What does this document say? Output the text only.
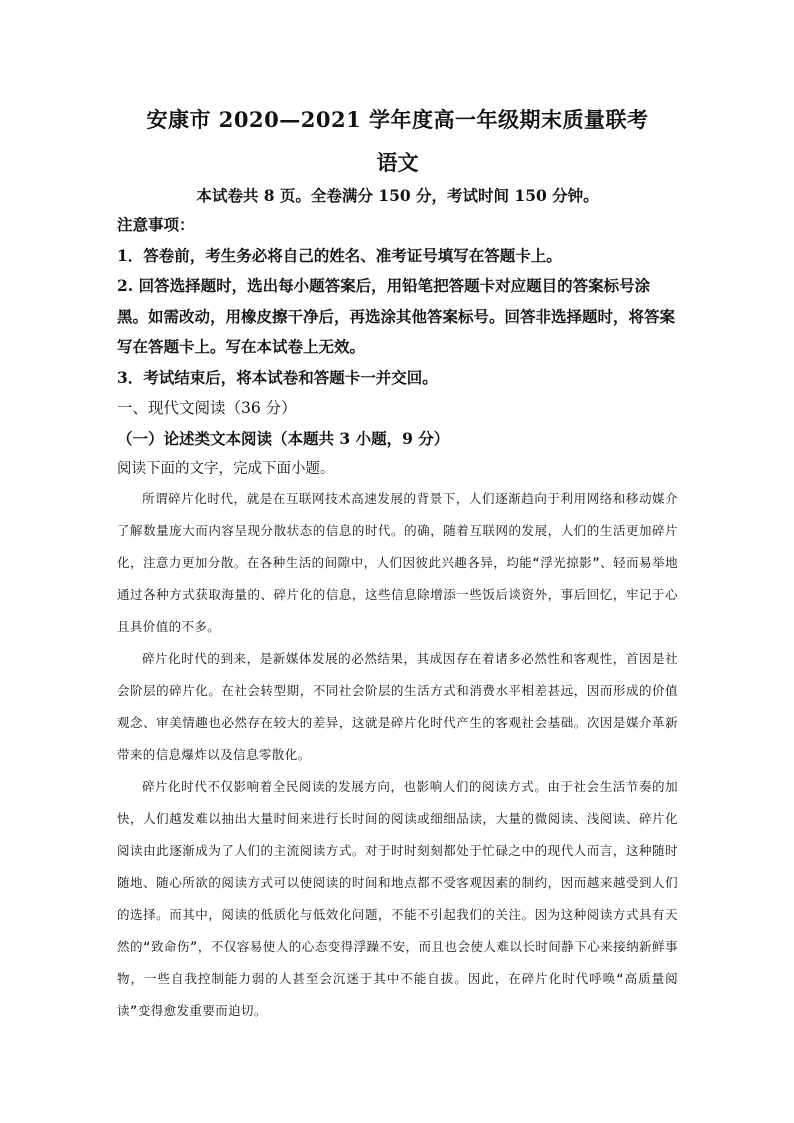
安康市 2020—2021 学年度高一年级期末质量联考
语文

本试卷共 8 页。全卷满分 150 分，考试时间 150 分钟。

注意事项：

1．答卷前，考生务必将自己的姓名、准考证号填写在答题卡上。

2. 回答选择题时，选出每小题答案后，用铅笔把答题卡对应题目的答案标号涂黑。如需改动，用橡皮擦干净后，再选涂其他答案标号。回答非选择题时，将答案写在答题卡上。写在本试卷上无效。

3．考试结束后，将本试卷和答题卡一并交回。

一、现代文阅读（36 分）

（一）论述类文本阅读（本题共 3 小题，9 分）

阅读下面的文字，完成下面小题。

所谓碎片化时代，就是在互联网技术高速发展的背景下，人们逐渐趋向于利用网络和移动媒介了解数量庞大而内容呈现分散状态的信息的时代。的确，随着互联网的发展，人们的生活更加碎片化，注意力更加分散。在各种生活的间隙中，人们因彼此兴趣各异，均能“浮光掠影”、轻而易举地通过各种方式获取海量的、碎片化的信息，这些信息除增添一些饭后谈资外，事后回忆，牢记于心且具价值的不多。

碎片化时代的到来，是新媒体发展的必然结果，其成因存在着诸多必然性和客观性，首因是社会阶层的碎片化。在社会转型期，不同社会阶层的生活方式和消费水平相差甚远，因而形成的价值观念、审美情趣也必然存在较大的差异，这就是碎片化时代产生的客观社会基础。次因是媒介革新带来的信息爆炸以及信息零散化。

碎片化时代不仅影响着全民阅读的发展方向，也影响人们的阅读方式。由于社会生活节奏的加快，人们越发难以抽出大量时间来进行长时间的阅读或细细品读，大量的微阅读、浅阅读、碎片化阅读由此逐渐成为了人们的主流阅读方式。对于时时刻刻都处于忙碌之中的现代人而言，这种随时随地、随心所欲的阅读方式可以使阅读的时间和地点都不受客观因素的制约，因而越来越受到人们的选择。而其中，阅读的低质化与低效化问题，不能不引起我们的关注。因为这种阅读方式具有天然的“致命伤”，不仅容易使人的心态变得浮躁不安，而且也会使人难以长时间静下心来接纳新鲜事物，一些自我控制能力弱的人甚至会沉迷于其中不能自拔。因此，在碎片化时代呼唤“高质量阅读”变得愈发重要而迫切。
